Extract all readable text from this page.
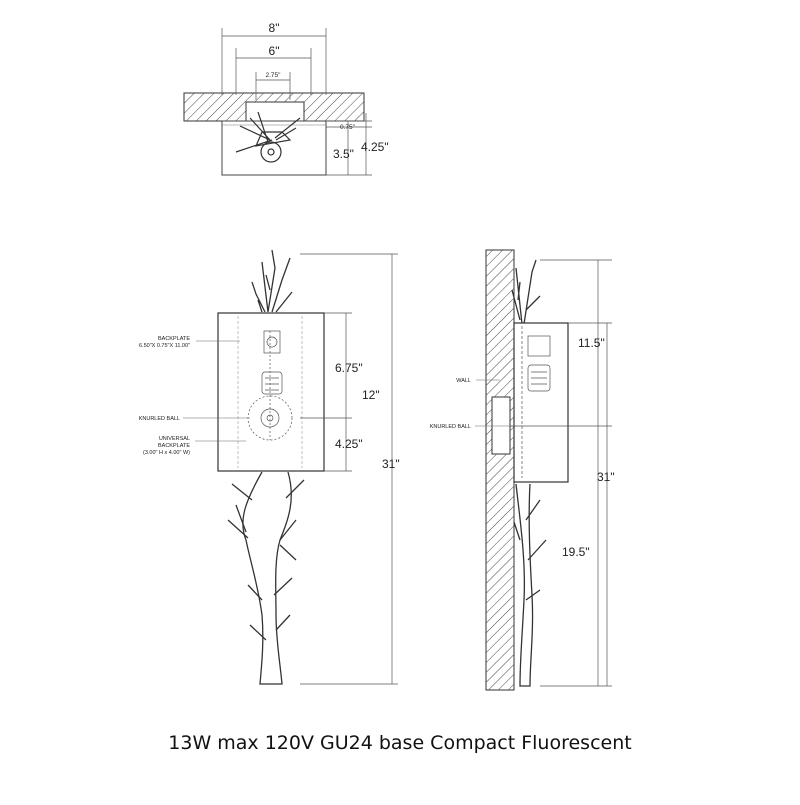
8"
6"
2.75"
0.75"
3.5" 4.25"
BACKPLATE
6.50"X 0.75"X 11.00"
KNURLED BALL
UNIVERSAL
BACKPLATE
(3.00" H x 4.00" W)
6.75"
12"
4.25"
31"
WALL
KNURLED BALL
11.5"
31"
19.5"
13W max 120V GU24 base Compact Fluorescent
